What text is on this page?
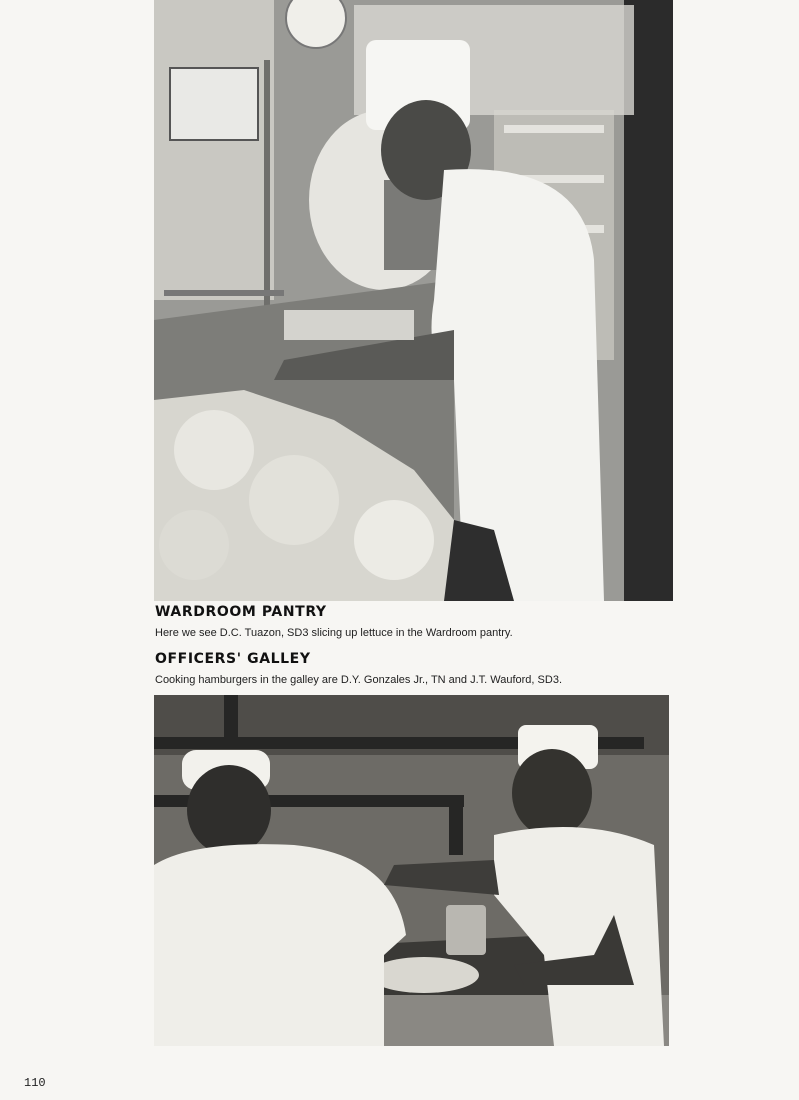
WARDROOM PANTRY

Here we see D.C. Tuazon, SD3 slicing up lettuce in the Wardroom pantry.

OFFICERS' GALLEY

Cooking hamburgers in the galley are D.Y. Gonzales Jr., TN and J.T. Wauford, SD3.

110
